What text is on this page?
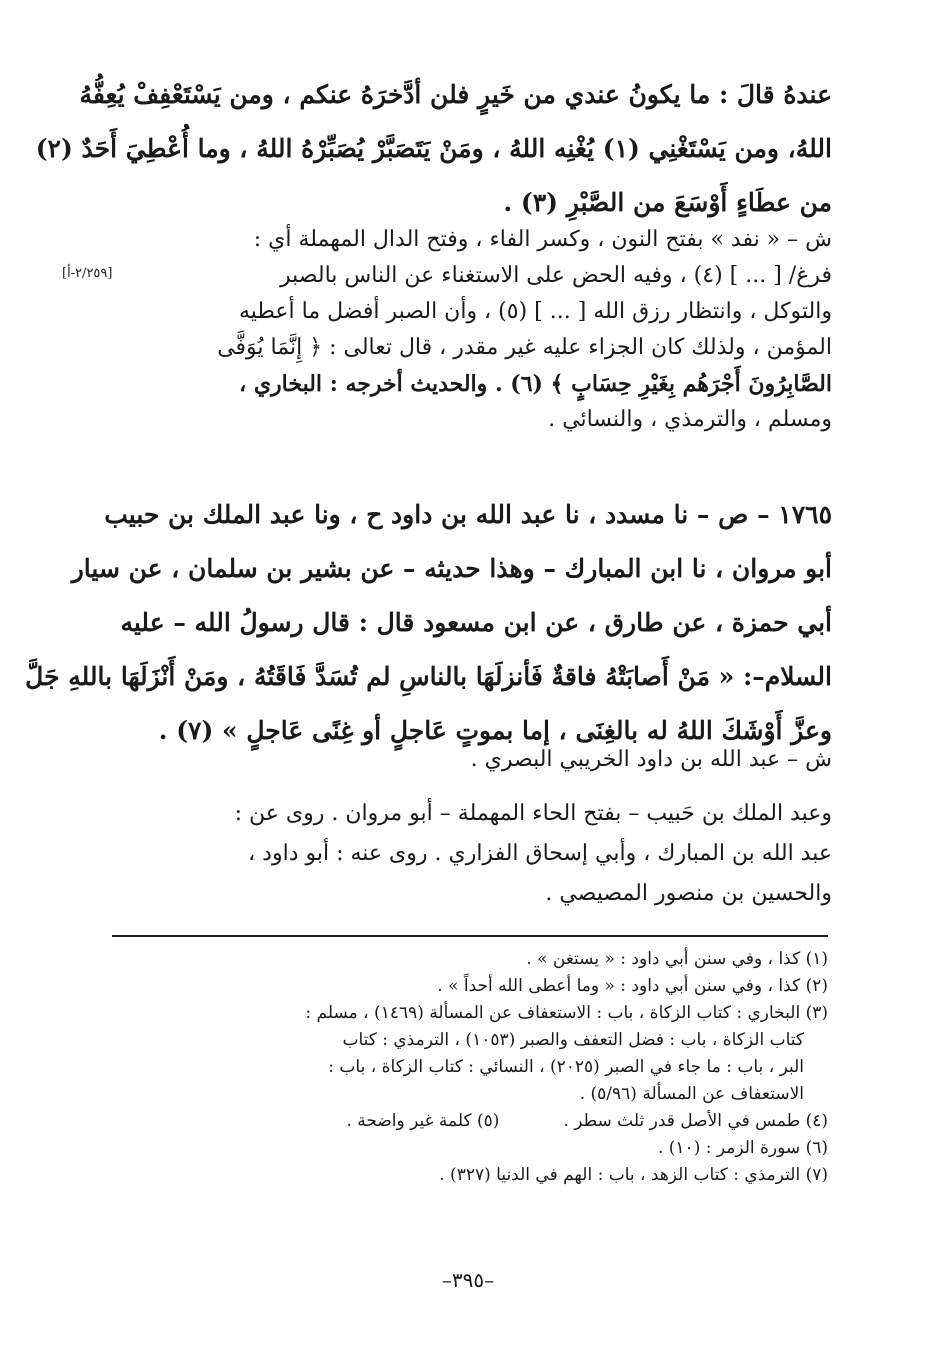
عندهُ قالَ : ما يكونُ عندي من خَيرٍ فلن أدَّخرَهُ عنكم ، ومن يَسْتَعْفِفْ يُعِفُّهُ
اللهُ، ومن يَسْتَغْنِي (١) يُغْنِه اللهُ ، ومَنْ يَتَصَبَّرْ يُصَبِّرْهُ اللهُ ، وما أُعْطِيَ أَحَدٌ (٢)
من عطَاءٍ أَوْسَعَ من الصَّبْرِ (٣) .
ش – « نفد » بفتح النون ، وكسر الفاء ، وفتح الدال المهملة أي :
فرغ/ [ ... ] (٤) ، وفيه الحض على الاستغناء عن الناس بالصبر
والتوكل ، وانتظار رزق الله [ ... ] (٥) ، وأن الصبر أفضل ما أعطيه
المؤمن ، ولذلك كان الجزاء عليه غير مقدر ، قال تعالى : ﴿ إِنَّمَا يُوَفَّى
الصَّابِرُونَ أَجْرَهُم بِغَيْرِ حِسَابٍ ﴾ (٦) . والحديث أخرجه : البخاري ،
ومسلم ، والترمذي ، والنسائي .
[٢/٢٥٩-أ]
١٧٦٥ – ص – نا مسدد ، نا عبد الله بن داود ح ، ونا عبد الملك بن حبيب
أبو مروان ، نا ابن المبارك – وهذا حديثه – عن بشير بن سلمان ، عن سيار
أبي حمزة ، عن طارق ، عن ابن مسعود قال : قال رسولُ الله – عليه
السلام–: « مَنْ أَصابَتْهُ فاقةٌ فَأنزلَهَا بالناسِ لم تُسَدَّ فَاقَتُهُ ، ومَنْ أَنْزَلَهَا باللهِ جَلَّ
وعزَّ أَوْشَكَ اللهُ له بالغِنَى ، إما بموتٍ عَاجلٍ أو غِنًى عَاجلٍ » (٧) .
ش – عبد الله بن داود الخريبي البصري .
وعبد الملك بن حَبيب – بفتح الحاء المهملة – أبو مروان . روى عن :
عبد الله بن المبارك ، وأبي إسحاق الفزاري . روى عنه : أبو داود ،
والحسين بن منصور المصيصي .
(١) كذا ، وفي سنن أبي داود : « يستغن » .
(٢) كذا ، وفي سنن أبي داود : « وما أعطى الله أحداً » .
(٣) البخاري : كتاب الزكاة ، باب : الاستعفاف عن المسألة (١٤٦٩) ، مسلم :
كتاب الزكاة ، باب : فضل التعفف والصبر (١٠٥٣) ، الترمذي : كتاب
البر ، باب : ما جاء في الصبر (٢٠٢٥) ، النسائي : كتاب الزكاة ، باب :
الاستعفاف عن المسألة (٥/٩٦) .
(٤) طمس في الأصل قدر ثلث سطر .
(٥) كلمة غير واضحة .
(٦) سورة الزمر : (١٠) .
(٧) الترمذي : كتاب الزهد ، باب : الهم في الدنيا (٣٢٧) .
–٣٩٥–
